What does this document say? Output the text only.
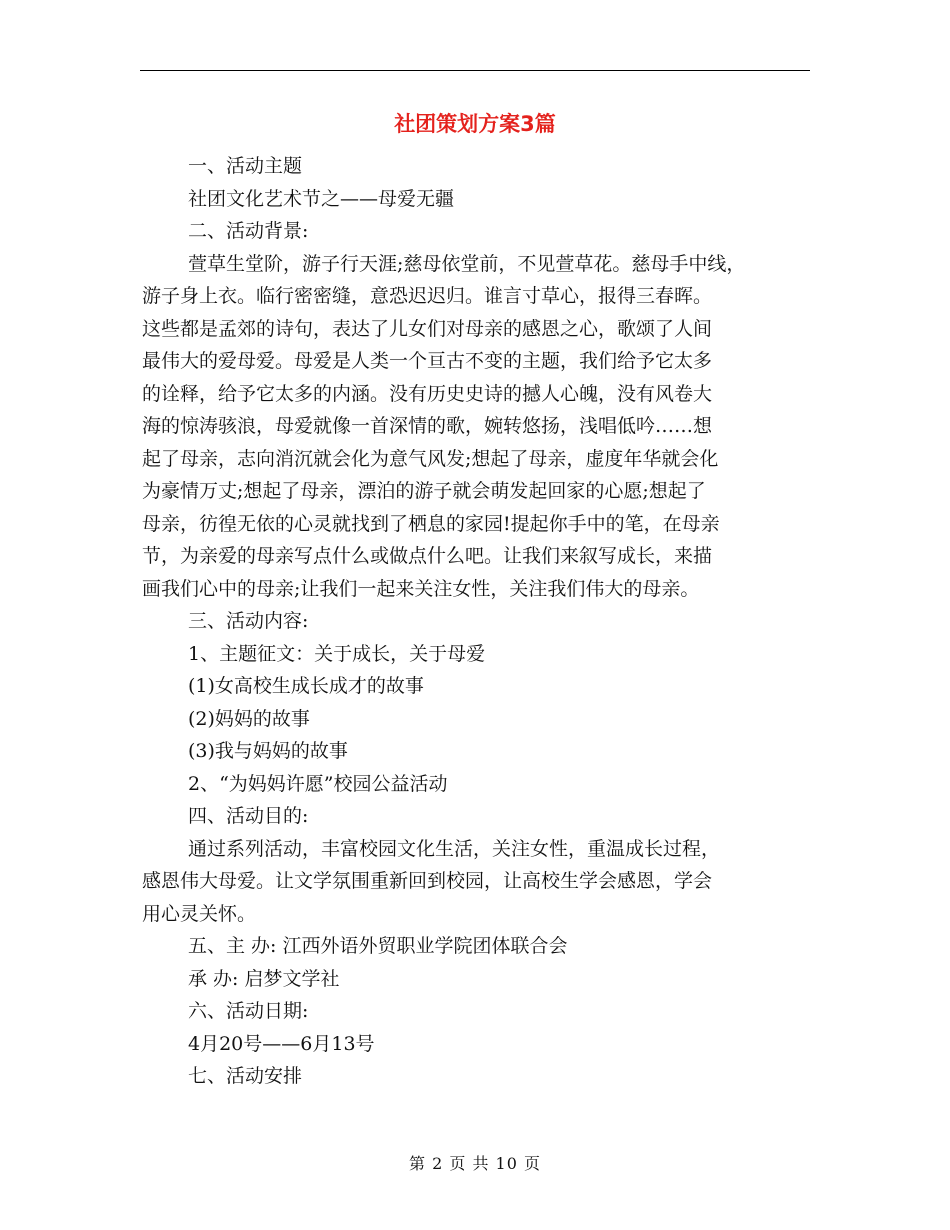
社团策划方案3篇
一、活动主题
社团文化艺术节之——母爱无疆
二、活动背景:
萱草生堂阶，游子行天涯;慈母依堂前，不见萱草花。慈母手中线，
游子身上衣。临行密密缝，意恐迟迟归。谁言寸草心，报得三春晖。
这些都是孟郊的诗句，表达了儿女们对母亲的感恩之心，歌颂了人间
最伟大的爱母爱。母爱是人类一个亘古不变的主题，我们给予它太多
的诠释，给予它太多的内涵。没有历史史诗的撼人心魄，没有风卷大
海的惊涛骇浪，母爱就像一首深情的歌，婉转悠扬，浅唱低吟……想
起了母亲，志向消沉就会化为意气风发;想起了母亲，虚度年华就会化
为豪情万丈;想起了母亲，漂泊的游子就会萌发起回家的心愿;想起了
母亲，彷徨无依的心灵就找到了栖息的家园!提起你手中的笔，在母亲
节，为亲爱的母亲写点什么或做点什么吧。让我们来叙写成长，来描
画我们心中的母亲;让我们一起来关注女性，关注我们伟大的母亲。
三、活动内容:
1、主题征文：关于成长，关于母爱
(1)女高校生成长成才的故事
(2)妈妈的故事
(3)我与妈妈的故事
2、“为妈妈许愿”校园公益活动
四、活动目的:
通过系列活动，丰富校园文化生活，关注女性，重温成长过程，
感恩伟大母爱。让文学氛围重新回到校园，让高校生学会感恩，学会
用心灵关怀。
五、主 办: 江西外语外贸职业学院团体联合会
承 办: 启梦文学社
六、活动日期:
4月20号——6月13号
七、活动安排
第 2 页 共 10 页
